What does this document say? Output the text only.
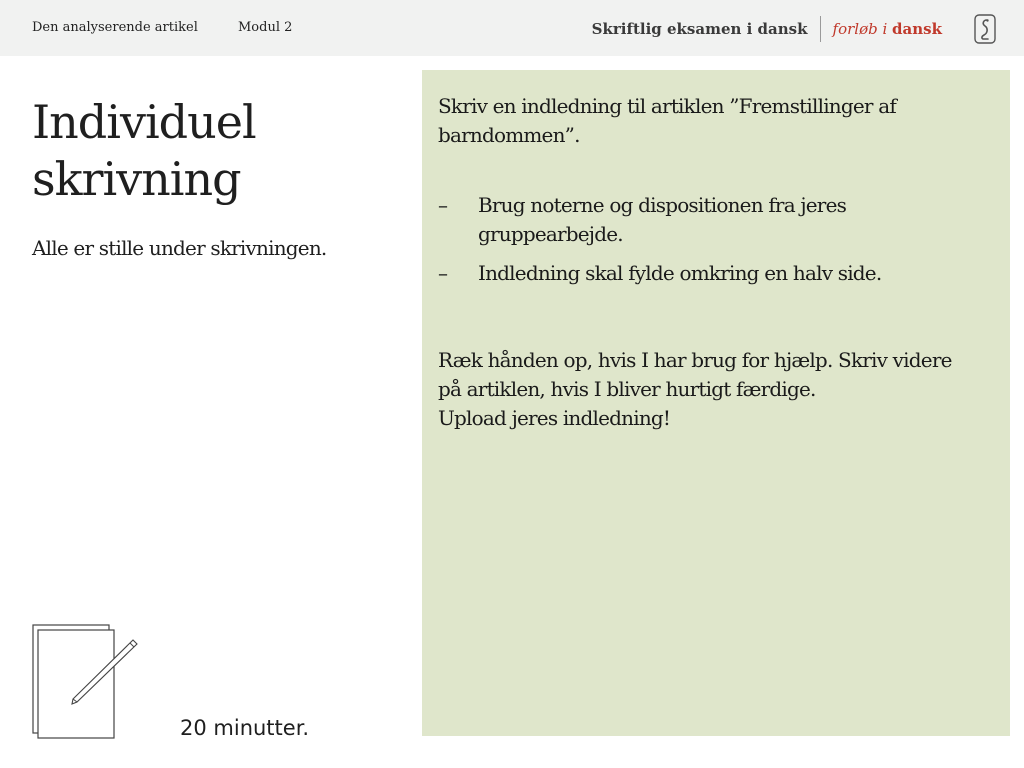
Den analyserende artikel	Modul 2	Skriftlig eksamen i dansk forløb i dansk
Individuel
skrivning

Alle er stille under skrivningen.

Skriv en indledning til artiklen ”Fremstillinger af barndommen”.

–	Brug noterne og dispositionen fra jeres gruppearbejde.
–	Indledning skal fylde omkring en halv side.
Ræk hånden op, hvis I har brug for hjælp. Skriv videre
på artiklen, hvis I bliver hurtigt færdige.
Upload jeres indledning!
20 minutter.
